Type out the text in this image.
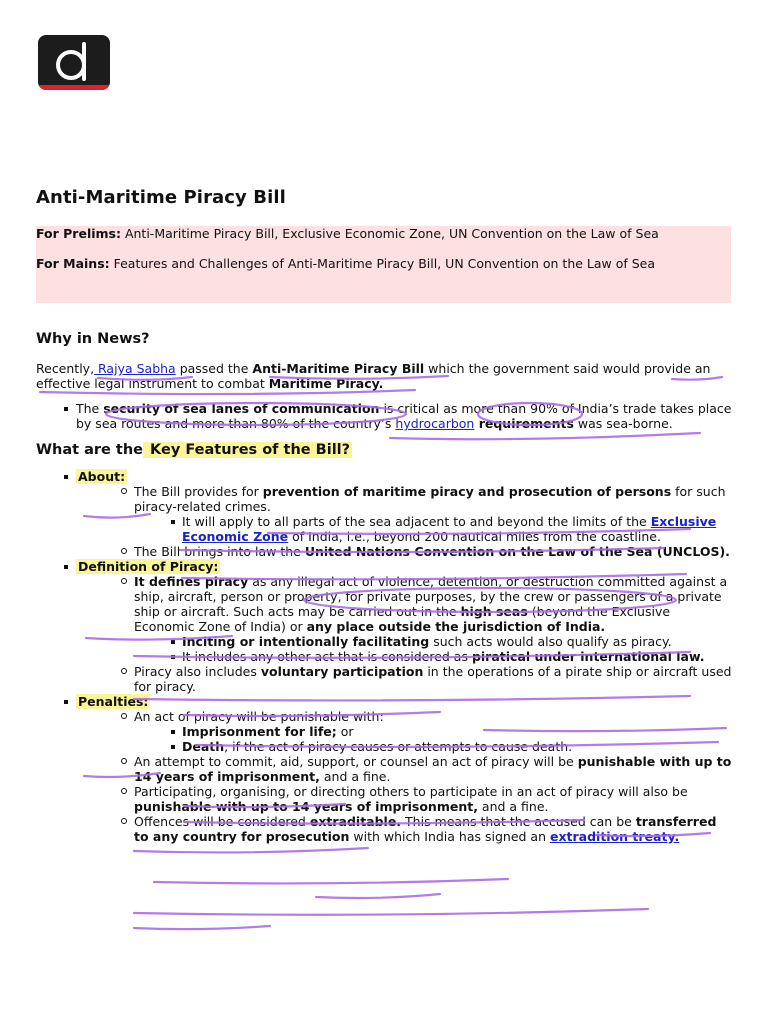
Anti-Maritime Piracy Bill

For Prelims: Anti-Maritime Piracy Bill, Exclusive Economic Zone, UN Convention on the Law of Sea

For Mains: Features and Challenges of Anti-Maritime Piracy Bill, UN Convention on the Law of Sea

Why in News?
Recently, Rajya Sabha passed the Anti-Maritime Piracy Bill which the government said would provide an effective legal instrument to combat Maritime Piracy.
The security of sea lanes of communication is critical as more than 90% of India’s trade takes place by sea routes and more than 80% of the country’s hydrocarbon requirements was sea-borne.
What are the Key Features of the Bill?
About:
The Bill provides for prevention of maritime piracy and prosecution of persons for such piracy-related crimes.
It will apply to all parts of the sea adjacent to and beyond the limits of the Exclusive Economic Zone of India, i.e., beyond 200 nautical miles from the coastline.
The Bill brings into law the United Nations Convention on the Law of the Sea (UNCLOS).
Definition of Piracy:
It defines piracy as any illegal act of violence, detention, or destruction committed against a ship, aircraft, person or property, for private purposes, by the crew or passengers of a private ship or aircraft. Such acts may be carried out in the high seas (beyond the Exclusive Economic Zone of India) or any place outside the jurisdiction of India.
Inciting or intentionally facilitating such acts would also qualify as piracy.
It includes any other act that is considered as piratical under international law.
Piracy also includes voluntary participation in the operations of a pirate ship or aircraft used for piracy.
Penalties:
An act of piracy will be punishable with:
Imprisonment for life; or
Death, if the act of piracy causes or attempts to cause death.
An attempt to commit, aid, support, or counsel an act of piracy will be punishable with up to 14 years of imprisonment, and a fine.
Participating, organising, or directing others to participate in an act of piracy will also be punishable with up to 14 years of imprisonment, and a fine.
Offences will be considered extraditable. This means that the accused can be transferred to any country for prosecution with which India has signed an extradition treaty.
